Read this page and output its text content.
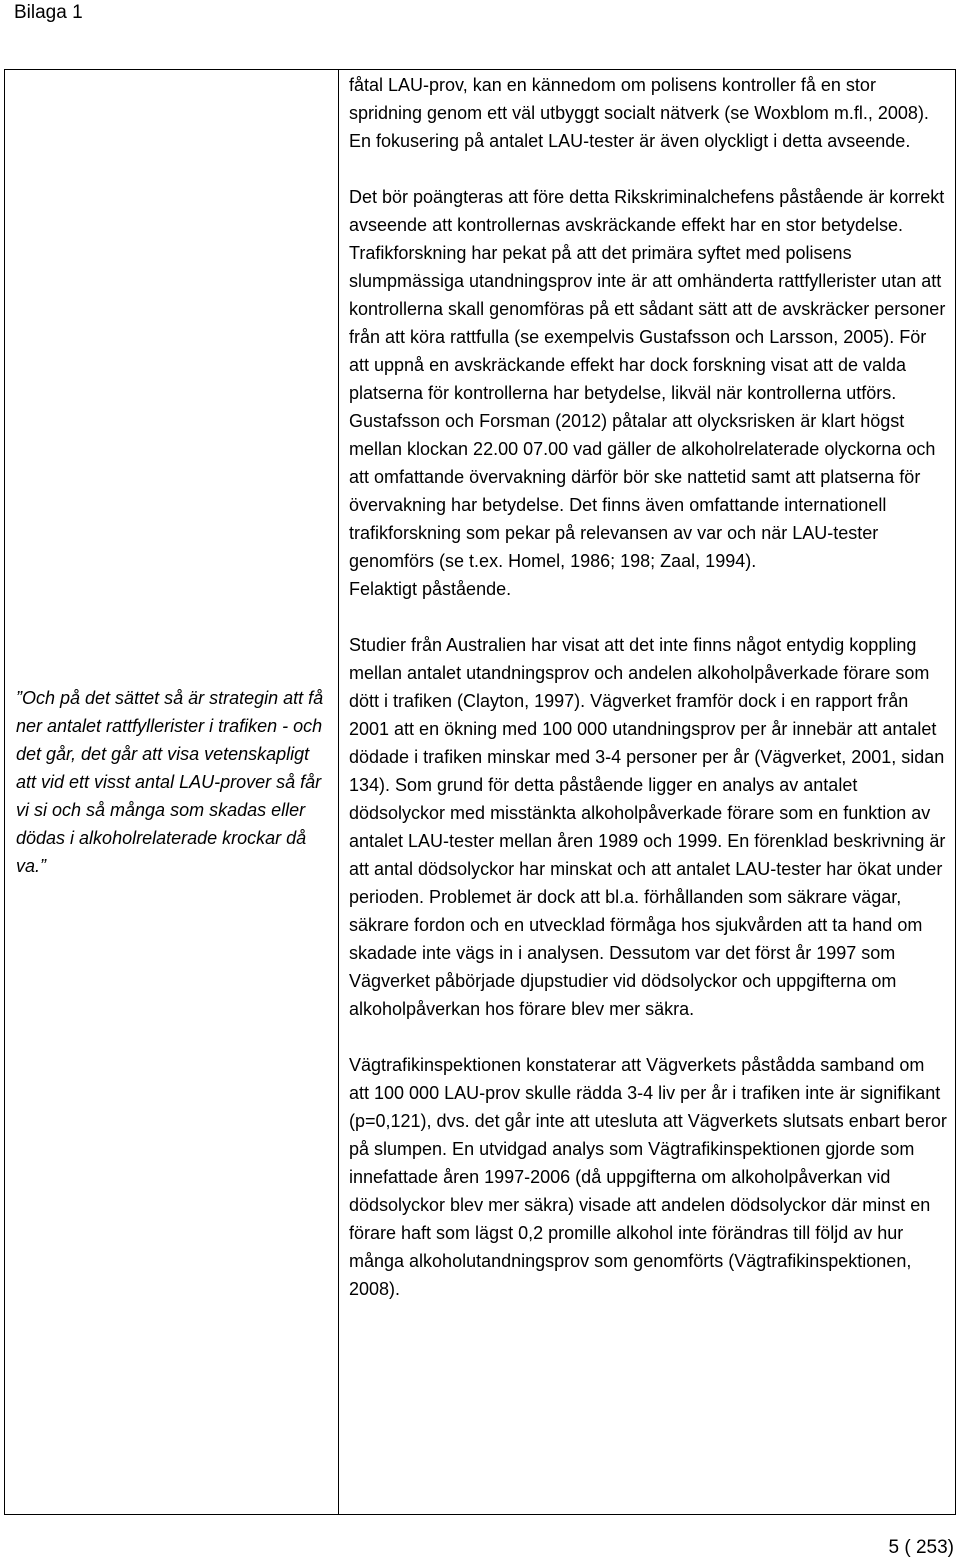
Bilaga 1

”Och på det sättet så är strategin att få ner antalet rattfyllerister i trafiken - och det går, det går att visa vetenskapligt att vid ett visst antal LAU-prover så får vi si och så många som skadas eller dödas i alkoholrelaterade krockar då va.”

fåtal LAU-prov, kan en kännedom om polisens kontroller få en stor spridning genom ett väl utbyggt socialt nätverk (se Woxblom m.fl., 2008). En fokusering på antalet LAU-tester är även olyckligt i detta avseende.

Det bör poängteras att före detta Rikskriminalchefens påstående är korrekt avseende att kontrollernas avskräckande effekt har en stor betydelse. Trafikforskning har pekat på att det primära syftet med polisens slumpmässiga utandningsprov inte är att omhänderta rattfyllerister utan att kontrollerna skall genomföras på ett sådant sätt att de avskräcker personer från att köra rattfulla (se exempelvis Gustafsson och Larsson, 2005). För att uppnå en avskräckande effekt har dock forskning visat att de valda platserna för kontrollerna har betydelse, likväl när kontrollerna utförs. Gustafsson och Forsman (2012) påtalar att olycksrisken är klart högst mellan klockan 22.00 07.00 vad gäller de alkoholrelaterade olyckorna och att omfattande övervakning därför bör ske nattetid samt att platserna för övervakning har betydelse. Det finns även omfattande internationell trafikforskning som pekar på relevansen av var och när LAU-tester genomförs (se t.ex. Homel, 1986; 198; Zaal, 1994).

Felaktigt påstående.

Studier från Australien har visat att det inte finns något entydig koppling mellan antalet utandningsprov och andelen alkoholpåverkade förare som dött i trafiken (Clayton, 1997). Vägverket framför dock i en rapport från 2001 att en ökning med 100 000 utandningsprov per år innebär att antalet dödade i trafiken minskar med 3-4 personer per år (Vägverket, 2001, sidan 134). Som grund för detta påstående ligger en analys av antalet dödsolyckor med misstänkta alkoholpåverkade förare som en funktion av antalet LAU-tester mellan åren 1989 och 1999. En förenklad beskrivning är att antal dödsolyckor har minskat och att antalet LAU-tester har ökat under perioden. Problemet är dock att bl.a. förhållanden som säkrare vägar, säkrare fordon och en utvecklad förmåga hos sjukvården att ta hand om skadade inte vägs in i analysen. Dessutom var det först år 1997 som Vägverket påbörjade djupstudier vid dödsolyckor och uppgifterna om alkoholpåverkan hos förare blev mer säkra.

Vägtrafikinspektionen konstaterar att Vägverkets påstådda samband om att 100 000 LAU-prov skulle rädda 3-4 liv per år i trafiken inte är signifikant (p=0,121), dvs. det går inte att utesluta att Vägverkets slutsats enbart beror på slumpen. En utvidgad analys som Vägtrafikinspektionen gjorde som innefattade åren 1997-2006 (då uppgifterna om alkoholpåverkan vid dödsolyckor blev mer säkra) visade att andelen dödsolyckor där minst en förare haft som lägst 0,2 promille alkohol inte förändras till följd av hur många alkoholutandningsprov som genomförts (Vägtrafikinspektionen, 2008).

5 ( 253)
